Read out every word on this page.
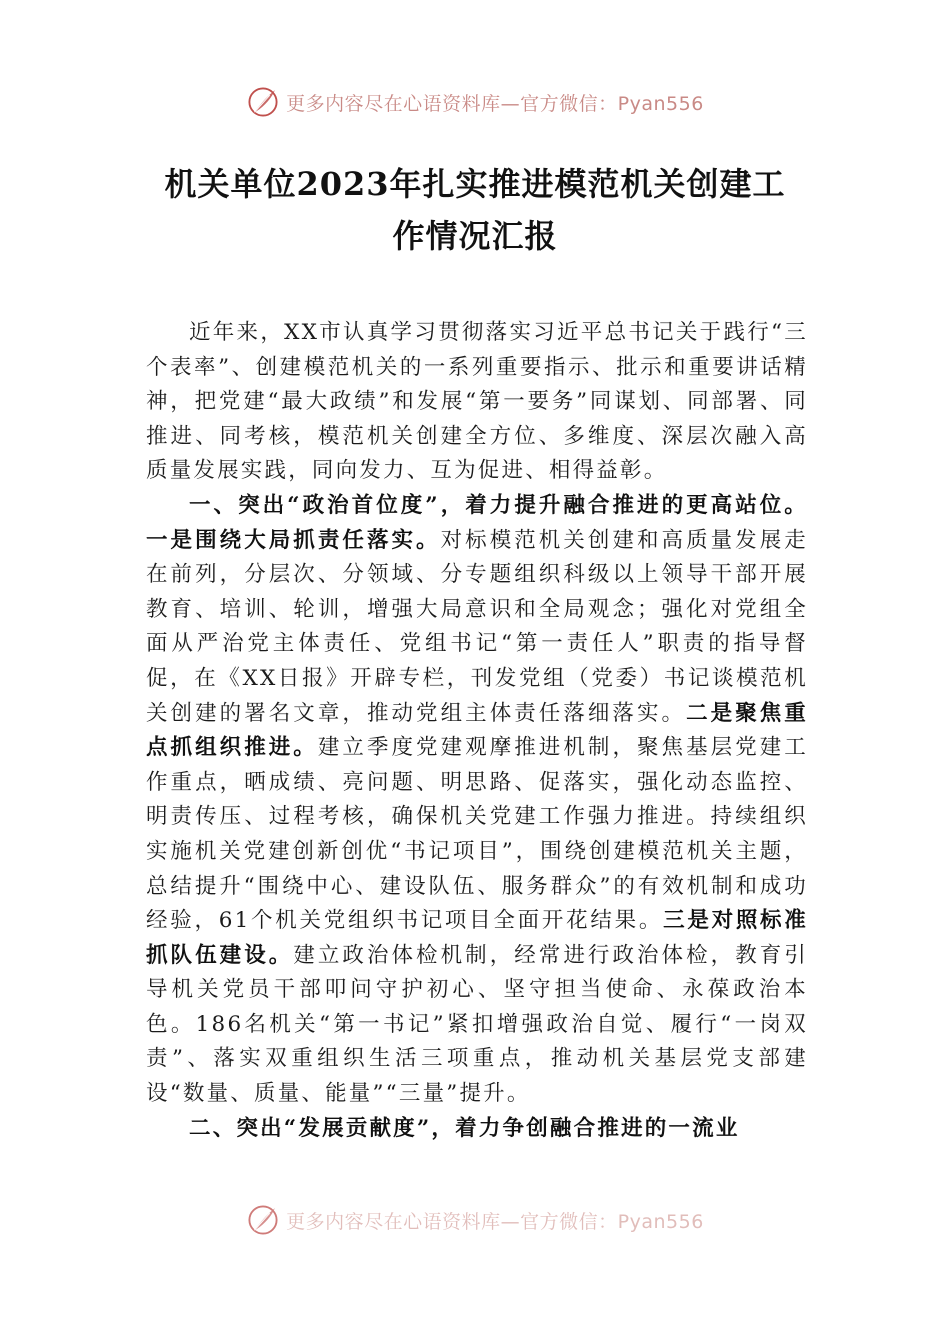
更多内容尽在心语资料库—官方微信：Pyan556
机关单位2023年扎实推进模范机关创建工
作情况汇报

近年来，XX市认真学习贯彻落实习近平总书记关于践行“三个表率”、创建模范机关的一系列重要指示、批示和重要讲话精神，把党建“最大政绩”和发展“第一要务”同谋划、同部署、同推进、同考核，模范机关创建全方位、多维度、深层次融入高质量发展实践，同向发力、互为促进、相得益彰。

一、突出“政治首位度”，着力提升融合推进的更高站位。一是围绕大局抓责任落实。对标模范机关创建和高质量发展走在前列，分层次、分领域、分专题组织科级以上领导干部开展教育、培训、轮训，增强大局意识和全局观念；强化对党组全面从严治党主体责任、党组书记“第一责任人”职责的指导督促，在《XX日报》开辟专栏，刊发党组（党委）书记谈模范机关创建的署名文章，推动党组主体责任落细落实。二是聚焦重点抓组织推进。建立季度党建观摩推进机制，聚焦基层党建工作重点，晒成绩、亮问题、明思路、促落实，强化动态监控、明责传压、过程考核，确保机关党建工作强力推进。持续组织实施机关党建创新创优“书记项目”，围绕创建模范机关主题，总结提升“围绕中心、建设队伍、服务群众”的有效机制和成功经验，61个机关党组织书记项目全面开花结果。三是对照标准抓队伍建设。建立政治体检机制，经常进行政治体检，教育引导机关党员干部叩问守护初心、坚守担当使命、永葆政治本色。186名机关“第一书记”紧扣增强政治自觉、履行“一岗双责”、落实双重组织生活三项重点，推动机关基层党支部建设“数量、质量、能量”“三量”提升。

二、突出“发展贡献度”，着力争创融合推进的一流业

更多内容尽在心语资料库—官方微信：Pyan556
